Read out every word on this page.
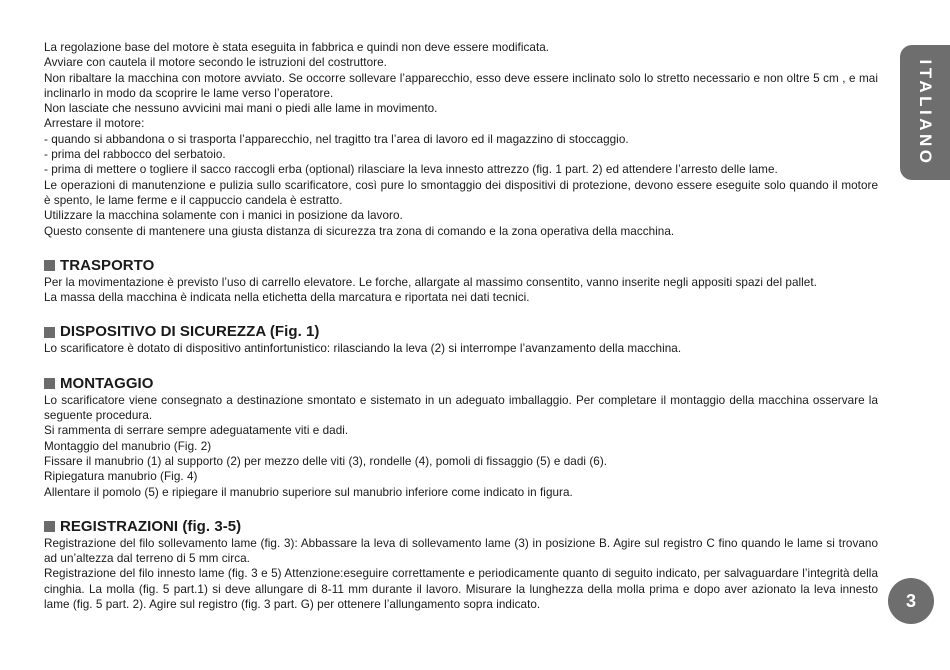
La regolazione base del motore è stata eseguita in fabbrica e quindi non deve essere modificata.

Avviare con cautela il motore secondo le istruzioni del costruttore.

Non ribaltare la macchina con motore avviato. Se occorre sollevare l’apparecchio, esso deve essere inclinato solo lo stretto necessario e non oltre 5 cm , e mai inclinarlo in modo da scoprire le lame verso l’operatore.

Non lasciate che nessuno avvicini mai mani o piedi alle lame in movimento.

Arrestare il motore:

- quando si abbandona o si trasporta l’apparecchio, nel tragitto tra l’area di lavoro ed il magazzino di stoccaggio.

- prima del rabbocco del serbatoio.

- prima di mettere o togliere il sacco raccogli erba (optional) rilasciare la leva innesto attrezzo (fig. 1 part. 2) ed attendere l’arresto delle lame.

Le operazioni di manutenzione e pulizia sullo scarificatore, così pure lo smontaggio dei dispositivi di protezione, devono essere eseguite solo quando il motore è spento, le lame ferme e il cappuccio candela è estratto.

Utilizzare la macchina solamente con i manici in posizione da lavoro.

Questo consente di mantenere una giusta distanza di sicurezza tra zona di comando e la zona operativa della macchina.

TRASPORTO

Per la movimentazione è previsto l’uso di carrello elevatore. Le forche, allargate al massimo consentito, vanno inserite negli appositi spazi del pallet.

La massa della macchina è indicata nella etichetta della marcatura e riportata nei dati tecnici.

DISPOSITIVO DI SICUREZZA (Fig. 1)

Lo scarificatore è dotato di dispositivo antinfortunistico: rilasciando la leva (2) si interrompe l’avanzamento della macchina.

MONTAGGIO

Lo scarificatore viene consegnato a destinazione smontato e sistemato in un adeguato imballaggio. Per completare il montaggio della macchina osservare la seguente procedura.

Si rammenta di serrare sempre adeguatamente viti e dadi.

Montaggio del manubrio (Fig. 2)

Fissare il manubrio (1) al supporto (2) per mezzo delle viti (3), rondelle (4), pomoli di fissaggio (5) e dadi (6).

Ripiegatura manubrio (Fig. 4)

Allentare il pomolo (5) e ripiegare il manubrio superiore sul manubrio inferiore come indicato in figura.

REGISTRAZIONI (fig. 3-5)

Registrazione del filo sollevamento lame (fig. 3): Abbassare la leva di sollevamento lame (3) in posizione B. Agire sul registro C fino quando le lame si trovano ad un’altezza dal terreno di 5 mm circa.

Registrazione del filo innesto lame (fig. 3 e 5) Attenzione:eseguire correttamente e periodicamente quanto di seguito indicato, per salvaguardare l’integrità della cinghia. La molla (fig. 5 part.1) si deve allungare di 8-11 mm durante il lavoro. Misurare la lunghezza della molla prima e dopo aver azionato la leva innesto lame (fig. 5 part. 2). Agire sul registro (fig. 3 part. G) per ottenere l’allungamento sopra indicato.

ITALIANO
3
